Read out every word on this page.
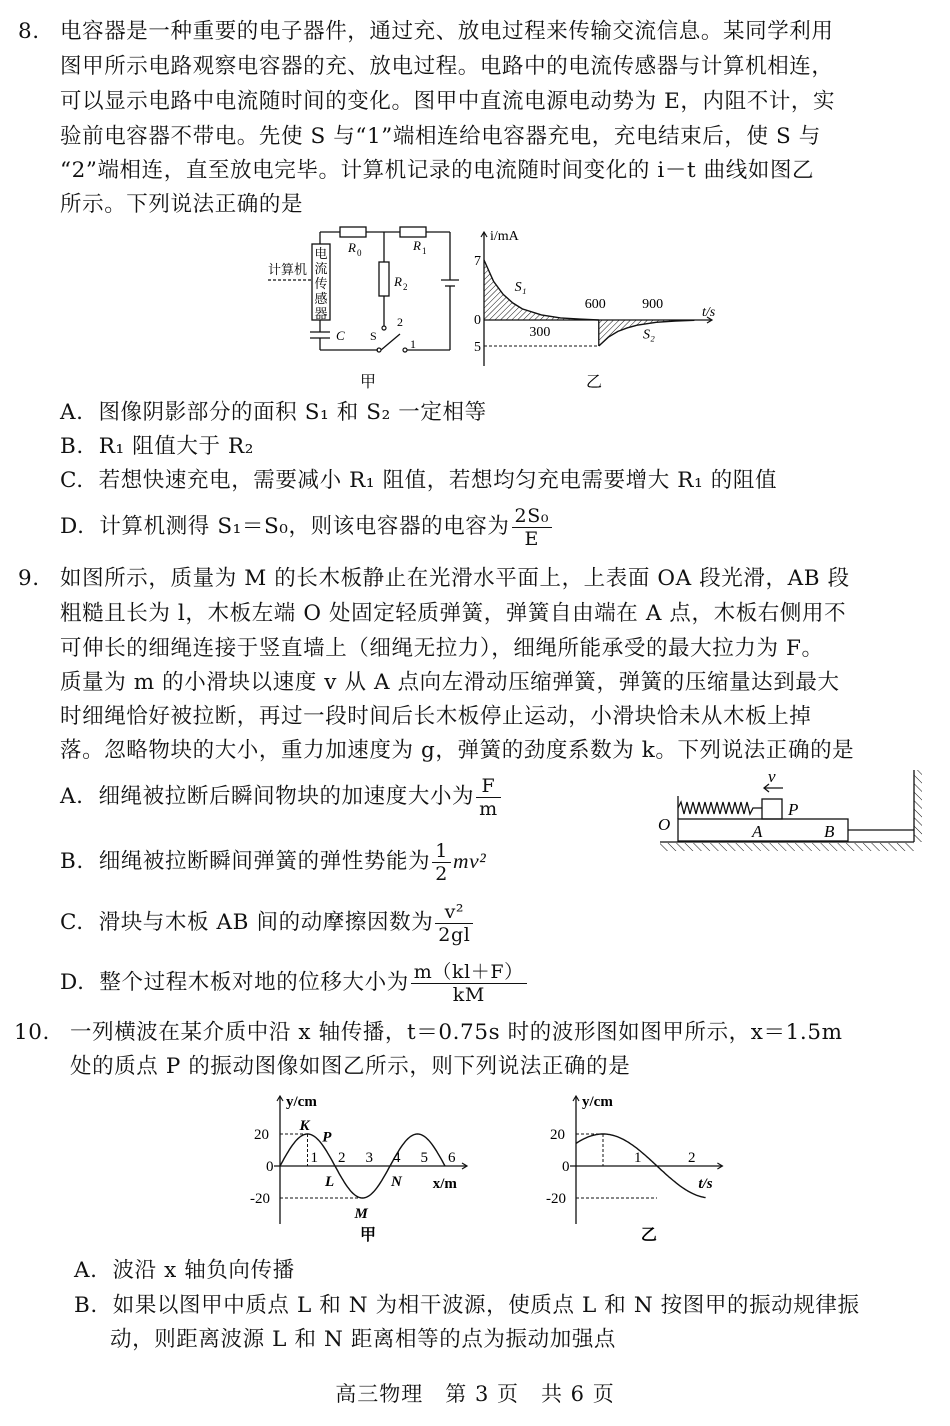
8. 电容器是一种重要的电子器件，通过充、放电过程来传输交流信息。某同学利用
图甲所示电路观察电容器的充、放电过程。电路中的电流传感器与计算机相连，
可以显示电路中电流随时间的变化。图甲中直流电源电动势为 E，内阻不计，实
验前电容器不带电。先使 S 与“1”端相连给电容器充电，充电结束后，使 S 与
“2”端相连，直至放电完毕。计算机记录的电流随时间变化的 i－t 曲线如图乙
所示。下列说法正确的是
计算机
电
流
传
感
器
R 0	R 1
R 2
C S
2
1
甲
i/mA
t/s
7
5
0
300
600	900
S₁
S₂
乙
A. 图像阴影部分的面积 S₁ 和 S₂ 一定相等
B. R₁ 阻值大于 R₂
C. 若想快速充电，需要减小 R₁ 阻值，若想均匀充电需要增大 R₁ 的阻值
D. 计算机测得 S₁＝S₀，则该电容器的电容为 $\frac{\text{2S₀}}{E}$
9. 如图所示，质量为 M 的长木板静止在光滑水平面上，上表面 OA 段光滑，AB 段
粗糙且长为 l，木板左端 O 处固定轻质弹簧，弹簧自由端在 A 点，木板右侧用不
可伸长的细绳连接于竖直墙上（细绳无拉力），细绳所能承受的最大拉力为 F。
质量为 m 的小滑块以速度 v 从 A 点向左滑动压缩弹簧，弹簧的压缩量达到最大
时细绳恰好被拉断，再过一段时间后长木板停止运动，小滑块恰未从木板上掉
落。忽略物块的大小，重力加速度为 g，弹簧的劲度系数为 k。下列说法正确的是
A. 细绳被拉断后瞬间物块的加速度大小为 $\frac{F}{m}$
B. 细绳被拉断瞬间弹簧的弹性势能为 $\frac{1}{2} mv^2$
C. 滑块与木板 AB 间的动摩擦因数为 $\frac{\text{v²}}{2gl}$
D. 整个过程木板对地的位移大小为 $\frac{m(kl+F)}{kM}$
v
P
O	A	B
10. 一列横波在某介质中沿 x 轴传播，t＝0.75s 时的波形图如图甲所示，x＝1.5m
处的质点 P 的振动图像如图乙所示，则下列说法正确的是
y/cm
x/m
20
0
-20
1 2 3 4 5 6
K
P
L
M
N
甲
y/cm
t/s
20
0
-20
1	2
乙
A. 波沿 x 轴负向传播
B. 如果以图甲中质点 L 和 N 为相干波源，使质点 L 和 N 按图甲的振动规律振
动，则距离波源 L 和 N 距离相等的点为振动加强点
高三物理　第 3 页　共 6 页
